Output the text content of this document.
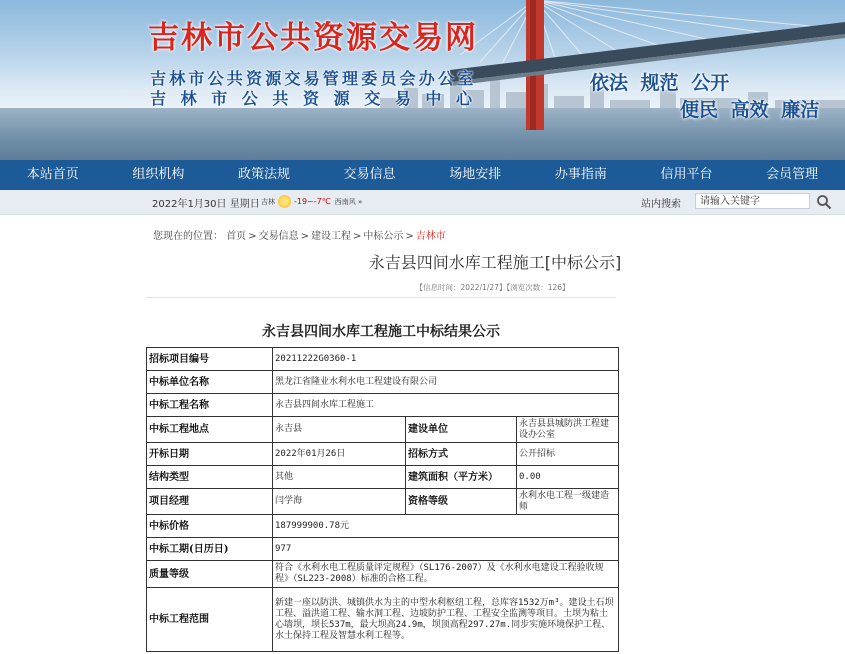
吉林市公共资源交易网
吉林市公共资源交易管理委员会办公室
吉林市公共资源交易中心
依法 规范 公开
便民 高效 廉洁
本站首页	组织机构	政策法规	交易信息	场地安排	办事指南	信用平台	会员管理
2022年1月30日 星期日 吉林 -19~-7℃ 西南风 »	站内搜索	请输入关键字
您现在的位置： 首页 > 交易信息 > 建设工程 > 中标公示 > 吉林市
永吉县四间水库工程施工[中标公示]
【信息时间：2022/1/27】【浏览次数：126】
永吉县四间水库工程施工中标结果公示
招标项目编号	20211222G0360-1		
中标单位名称	黑龙江省隆业水利水电工程建设有限公司		
中标工程名称	永吉县四间水库工程施工		
中标工程地点	永吉县	建设单位	永吉县县城防洪工程建设办公室
开标日期	2022年01月26日	招标方式	公开招标
结构类型	其他	建筑面积（平方米）	0.00
项目经理	闫学海	资格等级	水利水电工程一级建造师
中标价格	187999900.78元		
中标工期(日历日)	977		
质量等级	符合《水利水电工程质量评定规程》（SL176-2007）及《水利水电建设工程验收规程》（SL223-2008）标准的合格工程。		
中标工程范围	新建一座以防洪、城镇供水为主的中型水利枢纽工程，总库容1532万m³。建设土石坝工程、溢洪道工程、输水洞工程、边坡防护工程、工程安全监测等项目。土坝为粘土心墙坝，坝长537m，最大坝高24.9m，坝顶高程297.27m.同步实施环境保护工程、水土保持工程及智慧水利工程等。		
